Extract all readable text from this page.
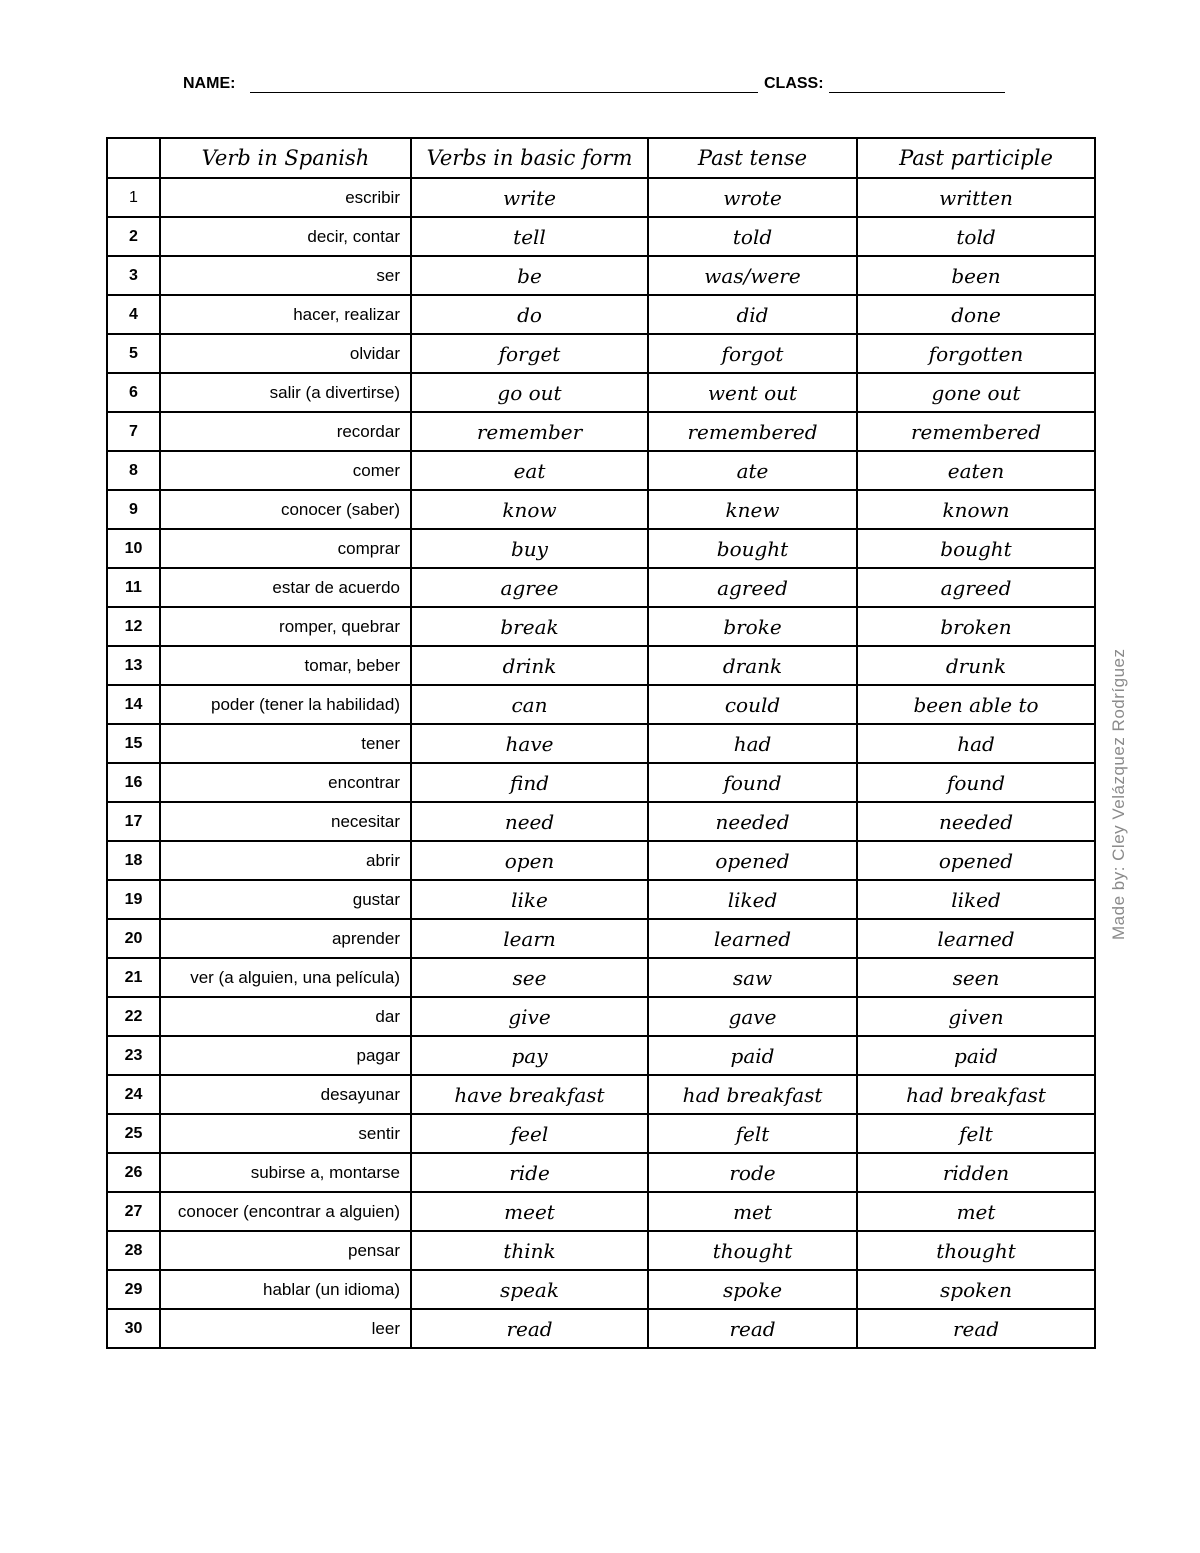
NAME:	CLASS:
	Verb in Spanish	Verbs in basic form	Past tense	Past participle
1	escribir	write	wrote	written
2	decir, contar	tell	told	told
3	ser	be	was/were	been
4	hacer, realizar	do	did	done
5	olvidar	forget	forgot	forgotten
6	salir (a divertirse)	go out	went out	gone out
7	recordar	remember	remembered	remembered
8	comer	eat	ate	eaten
9	conocer (saber)	know	knew	known
10	comprar	buy	bought	bought
11	estar de acuerdo	agree	agreed	agreed
12	romper, quebrar	break	broke	broken
13	tomar, beber	drink	drank	drunk
14	poder (tener la habilidad)	can	could	been able to
15	tener	have	had	had
16	encontrar	find	found	found
17	necesitar	need	needed	needed
18	abrir	open	opened	opened
19	gustar	like	liked	liked
20	aprender	learn	learned	learned
21	ver (a alguien, una película)	see	saw	seen
22	dar	give	gave	given
23	pagar	pay	paid	paid
24	desayunar	have breakfast	had breakfast	had breakfast
25	sentir	feel	felt	felt
26	subirse a, montarse	ride	rode	ridden
27	conocer (encontrar a alguien)	meet	met	met
28	pensar	think	thought	thought
29	hablar (un idioma)	speak	spoke	spoken
30	leer	read	read	read
Made by: Cley Velázquez Rodríguez
